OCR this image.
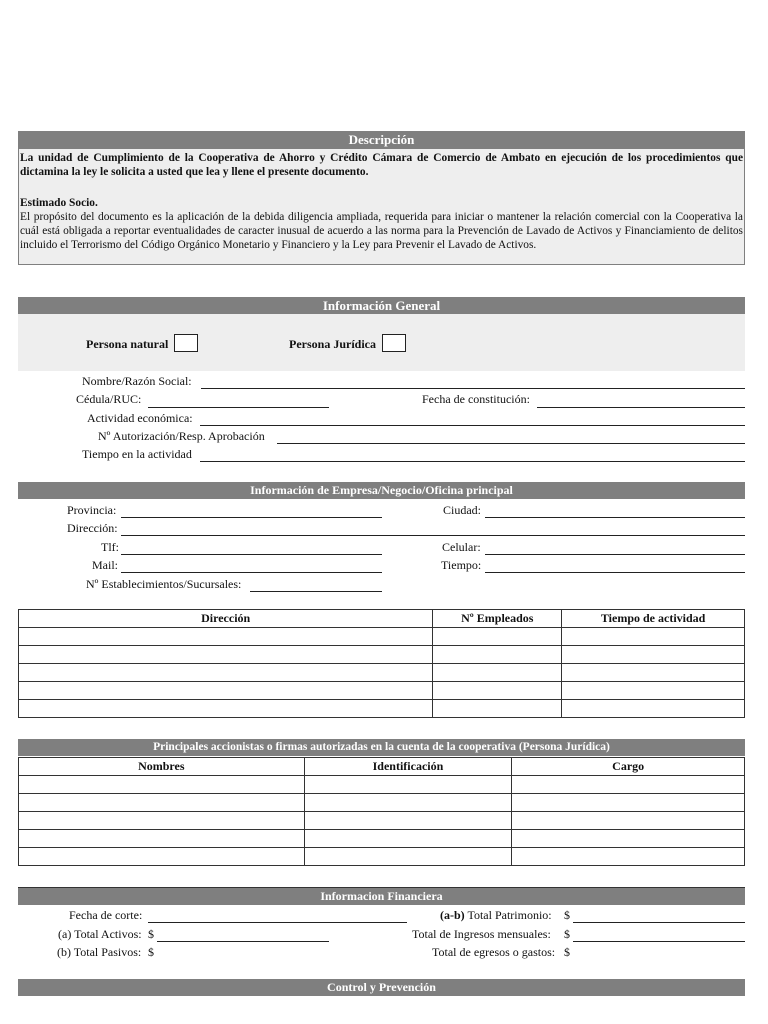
Descripción

La unidad de Cumplimiento de la Cooperativa de Ahorro y Crédito Cámara de Comercio de Ambato en ejecución de los procedimientos que dictamina la ley le solicita a usted que lea y llene el presente documento.

Estimado Socio.

El propósito del documento es la aplicación de la debida diligencia ampliada, requerida para iniciar o mantener la relación comercial con la Cooperativa la cuál está obligada a reportar eventualidades de caracter inusual de acuerdo a las norma para la Prevención de Lavado de Activos y Financiamiento de delitos incluido el Terrorismo del Código Orgánico Monetario y Financiero y la Ley para Prevenir el Lavado de Activos.

Información General
Persona natural	Persona Jurídica
Nombre/Razón Social:
Cédula/RUC:	Fecha de constitución:
Actividad económica:
Nº Autorización/Resp. Aprobación
Tiempo en la actividad
Información de Empresa/Negocio/Oficina principal
Provincia:	Ciudad:
Dirección:
Tlf:	Celular:
Mail:	Tiempo:
Nº Establecimientos/Sucursales:
Dirección	Nº Empleados	Tiempo de actividad

Principales accionistas o firmas autorizadas en la cuenta de la cooperativa (Persona Jurídica)
Nombres	Identificación	Cargo

Informacion Financiera
Fecha de corte:	(a-b) Total Patrimonio: $
(a) Total Activos: $	Total de Ingresos mensuales: $
(b) Total Pasivos: $	Total de egresos o gastos: $
Control y Prevención
